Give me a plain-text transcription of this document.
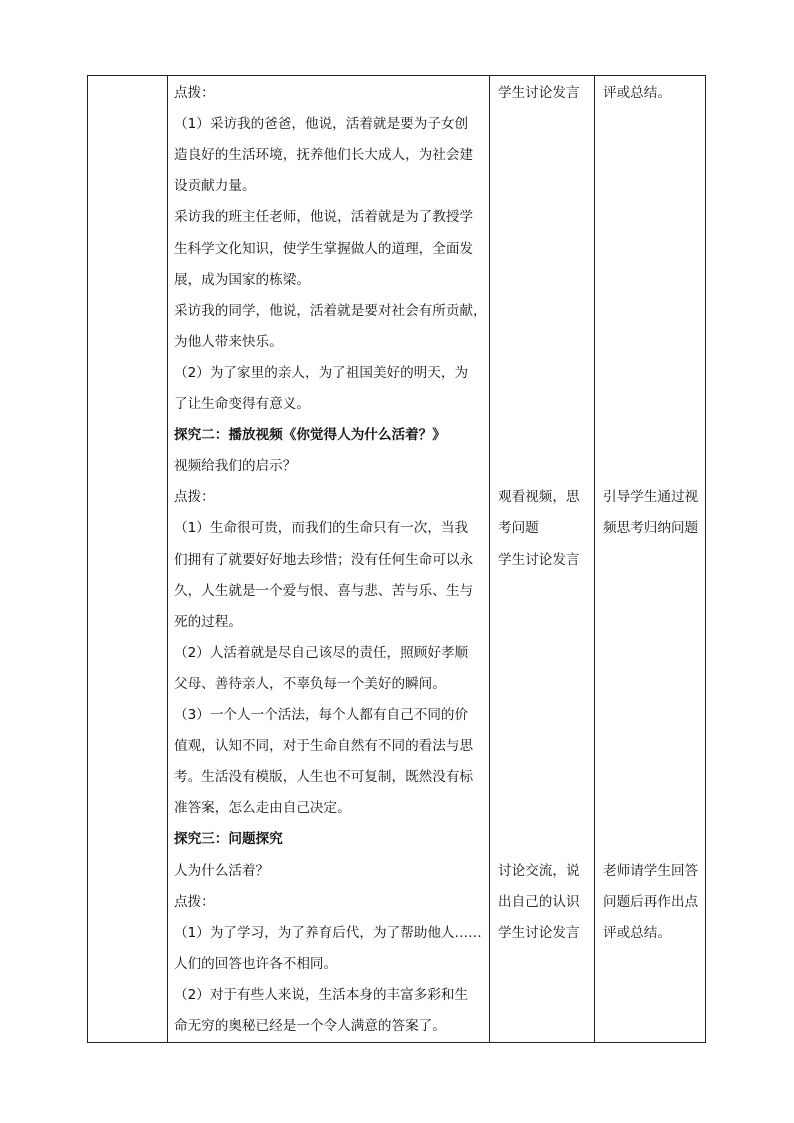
点拨：
（1）采访我的爸爸，他说，活着就是要为子女创
造良好的生活环境，抚养他们长大成人，为社会建
设贡献力量。
采访我的班主任老师，他说，活着就是为了教授学
生科学文化知识，使学生掌握做人的道理，全面发
展，成为国家的栋梁。
采访我的同学，他说，活着就是要对社会有所贡献，
为他人带来快乐。
（2）为了家里的亲人，为了祖国美好的明天，为
了让生命变得有意义。
探究二：播放视频《你觉得人为什么活着？》
视频给我们的启示？
点拨：
（1）生命很可贵，而我们的生命只有一次，当我
们拥有了就要好好地去珍惜；没有任何生命可以永
久，人生就是一个爱与恨、喜与悲、苦与乐、生与
死的过程。
（2）人活着就是尽自己该尽的责任，照顾好孝顺
父母、善待亲人，不辜负每一个美好的瞬间。
（3）一个人一个活法，每个人都有自己不同的价
值观，认知不同，对于生命自然有不同的看法与思
考。生活没有模版，人生也不可复制，既然没有标
准答案，怎么走由自己决定。
探究三：问题探究
人为什么活着？
点拨：
（1）为了学习，为了养育后代，为了帮助他人……
人们的回答也许各不相同。
（2）对于有些人来说，生活本身的丰富多彩和生
命无穷的奥秘已经是一个令人满意的答案了。
学生讨论发言
观看视频，思
考问题
学生讨论发言
讨论交流，说
出自己的认识
学生讨论发言
评或总结。
引导学生通过视
频思考归纳问题
老师请学生回答
问题后再作出点
评或总结。
